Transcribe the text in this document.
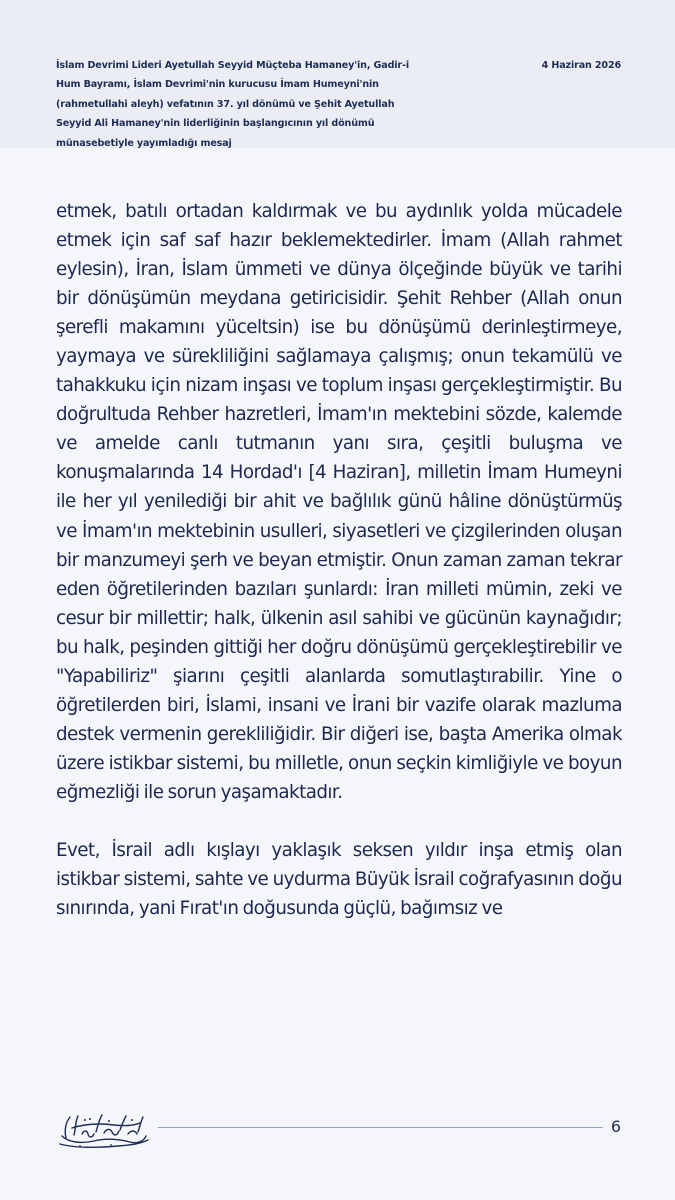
İslam Devrimi Lideri Ayetullah Seyyid Müçteba Hamaney'in, Gadir-i Hum Bayramı, İslam Devrimi'nin kurucusu İmam Humeyni'nin (rahmetullahi aleyh) vefatının 37. yıl dönümü ve Şehit Ayetullah Seyyid Ali Hamaney'nin liderliğinin başlangıcının yıl dönümü münasebetiyle yayımladığı mesaj

4 Haziran 2026

etmek, batılı ortadan kaldırmak ve bu aydınlık yolda mücadele etmek için saf saf hazır beklemektedirler. İmam (Allah rahmet eylesin), İran, İslam ümmeti ve dünya ölçeğinde büyük ve tarihi bir dönüşümün meydana getiricisidir. Şehit Rehber (Allah onun şerefli makamını yüceltsin) ise bu dönüşümü derinleştirmeye, yaymaya ve sürekliliğini sağlamaya çalışmış; onun tekamülü ve tahakkuku için nizam inşası ve toplum inşası gerçekleştirmiştir. Bu doğrultuda Rehber hazretleri, İmam'ın mektebini sözde, kalemde ve amelde canlı tutmanın yanı sıra, çeşitli buluşma ve konuşmalarında 14 Hordad'ı [4 Haziran], milletin İmam Humeyni ile her yıl yenilediği bir ahit ve bağlılık günü hâline dönüştürmüş ve İmam'ın mektebinin usulleri, siyasetleri ve çizgilerinden oluşan bir manzumeyi şerh ve beyan etmiştir. Onun zaman zaman tekrar eden öğretilerinden bazıları şunlardı: İran milleti mümin, zeki ve cesur bir millettir; halk, ülkenin asıl sahibi ve gücünün kaynağıdır; bu halk, peşinden gittiği her doğru dönüşümü gerçekleştirebilir ve "Yapabiliriz" şiarını çeşitli alanlarda somutlaştırabilir. Yine o öğretilerden biri, İslami, insani ve İrani bir vazife olarak mazluma destek vermenin gerekliliğidir. Bir diğeri ise, başta Amerika olmak üzere istikbar sistemi, bu milletle, onun seçkin kimliğiyle ve boyun eğmezliği ile sorun yaşamaktadır.

Evet, İsrail adlı kışlayı yaklaşık seksen yıldır inşa etmiş olan istikbar sistemi, sahte ve uydurma Büyük İsrail coğrafyasının doğu sınırında, yani Fırat'ın doğusunda güçlü, bağımsız ve

6
